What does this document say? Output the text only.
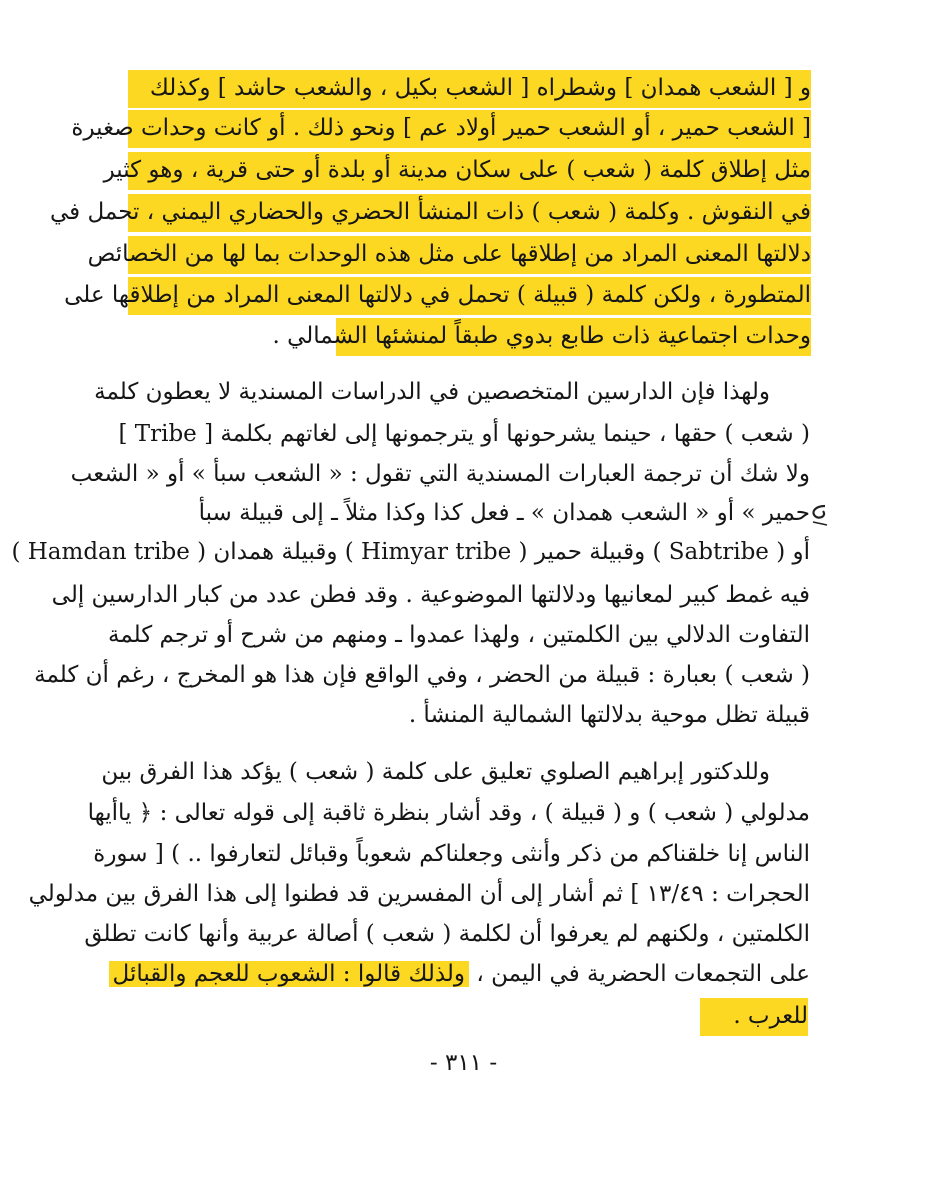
و [ الشعب همدان ] وشطراه [ الشعب بكيل ، والشعب حاشد ] وكذلك
[ الشعب حمير ، أو الشعب حمير أولاد عم ] ونحو ذلك . أو كانت وحدات صغيرة
مثل إطلاق كلمة ( شعب ) على سكان مدينة أو بلدة أو حتى قرية ، وهو كثير
في النقوش . وكلمة ( شعب ) ذات المنشأ الحضري والحضاري اليمني ، تحمل في
دلالتها المعنى المراد من إطلاقها على مثل هذه الوحدات بما لها من الخصائص
المتطورة ، ولكن كلمة ( قبيلة ) تحمل في دلالتها المعنى المراد من إطلاقها على
وحدات اجتماعية ذات طابع بدوي طبقاً لمنشئها الشمالي .
ولهذا فإن الدارسين المتخصصين في الدراسات المسندية لا يعطون كلمة
( شعب ) حقها ، حينما يشرحونها أو يترجمونها إلى لغاتهم بكلمة [ Tribe ]
ولا شك أن ترجمة العبارات المسندية التي تقول : « الشعب سبأ » أو « الشعب
حمير » أو « الشعب همدان » ـ فعل كذا وكذا مثلاً ـ إلى قبيلة سبأ
أو ( Sabtribe ) وقبيلة حمير ( Himyar tribe ) وقبيلة همدان ( Hamdan tribe )
فيه غمط كبير لمعانيها ودلالتها الموضوعية . وقد فطن عدد من كبار الدارسين إلى
التفاوت الدلالي بين الكلمتين ، ولهذا عمدوا ـ ومنهم من شرح أو ترجم كلمة
( شعب ) بعبارة : قبيلة من الحضر ، وفي الواقع فإن هذا هو المخرج ، رغم أن كلمة
قبيلة تظل موحية بدلالتها الشمالية المنشأ .
وللدكتور إبراهيم الصلوي تعليق على كلمة ( شعب ) يؤكد هذا الفرق بين
مدلولي ( شعب ) و ( قبيلة ) ، وقد أشار بنظرة ثاقبة إلى قوله تعالى : ﴿ ياأيها
الناس إنا خلقناكم من ذكر وأنثى وجعلناكم شعوباً وقبائل لتعارفوا .. ) [ سورة
الحجرات : ١٣/٤٩ ] ثم أشار إلى أن المفسرين قد فطنوا إلى هذا الفرق بين مدلولي
الكلمتين ، ولكنهم لم يعرفوا أن لكلمة ( شعب ) أصالة عربية وأنها كانت تطلق
على التجمعات الحضرية في اليمن ، ولذلك قالوا : الشعوب للعجم والقبائل
للعرب .
- ٣١١ -
